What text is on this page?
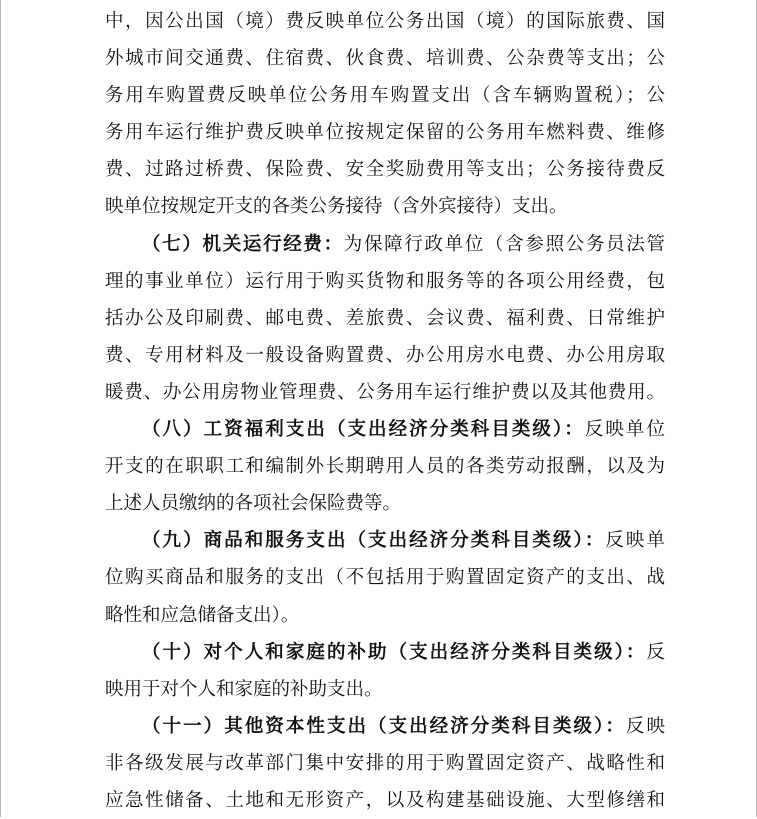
中，因公出国（境）费反映单位公务出国（境）的国际旅费、国
外城市间交通费、住宿费、伙食费、培训费、公杂费等支出；公
务用车购置费反映单位公务用车购置支出（含车辆购置税）；公
务用车运行维护费反映单位按规定保留的公务用车燃料费、维修
费、过路过桥费、保险费、安全奖励费用等支出；公务接待费反
映单位按规定开支的各类公务接待（含外宾接待）支出。
（七）机关运行经费：为保障行政单位（含参照公务员法管
理的事业单位）运行用于购买货物和服务等的各项公用经费，包
括办公及印刷费、邮电费、差旅费、会议费、福利费、日常维护
费、专用材料及一般设备购置费、办公用房水电费、办公用房取
暖费、办公用房物业管理费、公务用车运行维护费以及其他费用。
（八）工资福利支出（支出经济分类科目类级）：反映单位
开支的在职职工和编制外长期聘用人员的各类劳动报酬，以及为
上述人员缴纳的各项社会保险费等。
（九）商品和服务支出（支出经济分类科目类级）：反映单
位购买商品和服务的支出（不包括用于购置固定资产的支出、战
略性和应急储备支出）。
（十）对个人和家庭的补助（支出经济分类科目类级）：反
映用于对个人和家庭的补助支出。
（十一）其他资本性支出（支出经济分类科目类级）：反映
非各级发展与改革部门集中安排的用于购置固定资产、战略性和
应急性储备、土地和无形资产，以及构建基础设施、大型修缮和
